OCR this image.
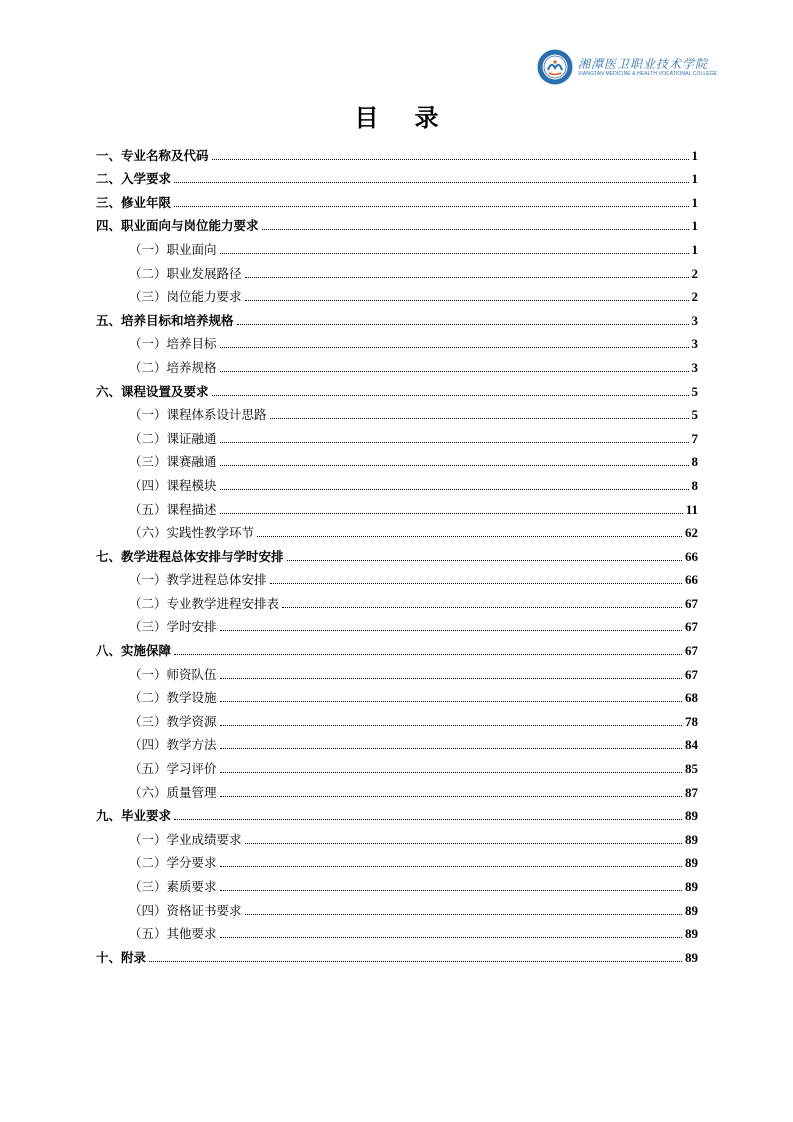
湘潭医卫职业技术学院
XIANGTAN MEDICINE & HEALTH VOCATIONAL COLLEGE
目录
一、专业名称及代码	1
二、入学要求	1
三、修业年限	1
四、职业面向与岗位能力要求	1
（一）职业面向	1
（二）职业发展路径	2
（三）岗位能力要求	2
五、培养目标和培养规格	3
（一）培养目标	3
（二）培养规格	3
六、课程设置及要求	5
（一）课程体系设计思路	5
（二）课证融通	7
（三）课赛融通	8
（四）课程模块	8
（五）课程描述	11
（六）实践性教学环节	62
七、教学进程总体安排与学时安排	66
（一）教学进程总体安排	66
（二）专业教学进程安排表	67
（三）学时安排	67
八、实施保障	67
（一）师资队伍	67
（二）教学设施	68
（三）教学资源	78
（四）教学方法	84
（五）学习评价	85
（六）质量管理	87
九、毕业要求	89
（一）学业成绩要求	89
（二）学分要求	89
（三）素质要求	89
（四）资格证书要求	89
（五）其他要求	89
十、附录	89
